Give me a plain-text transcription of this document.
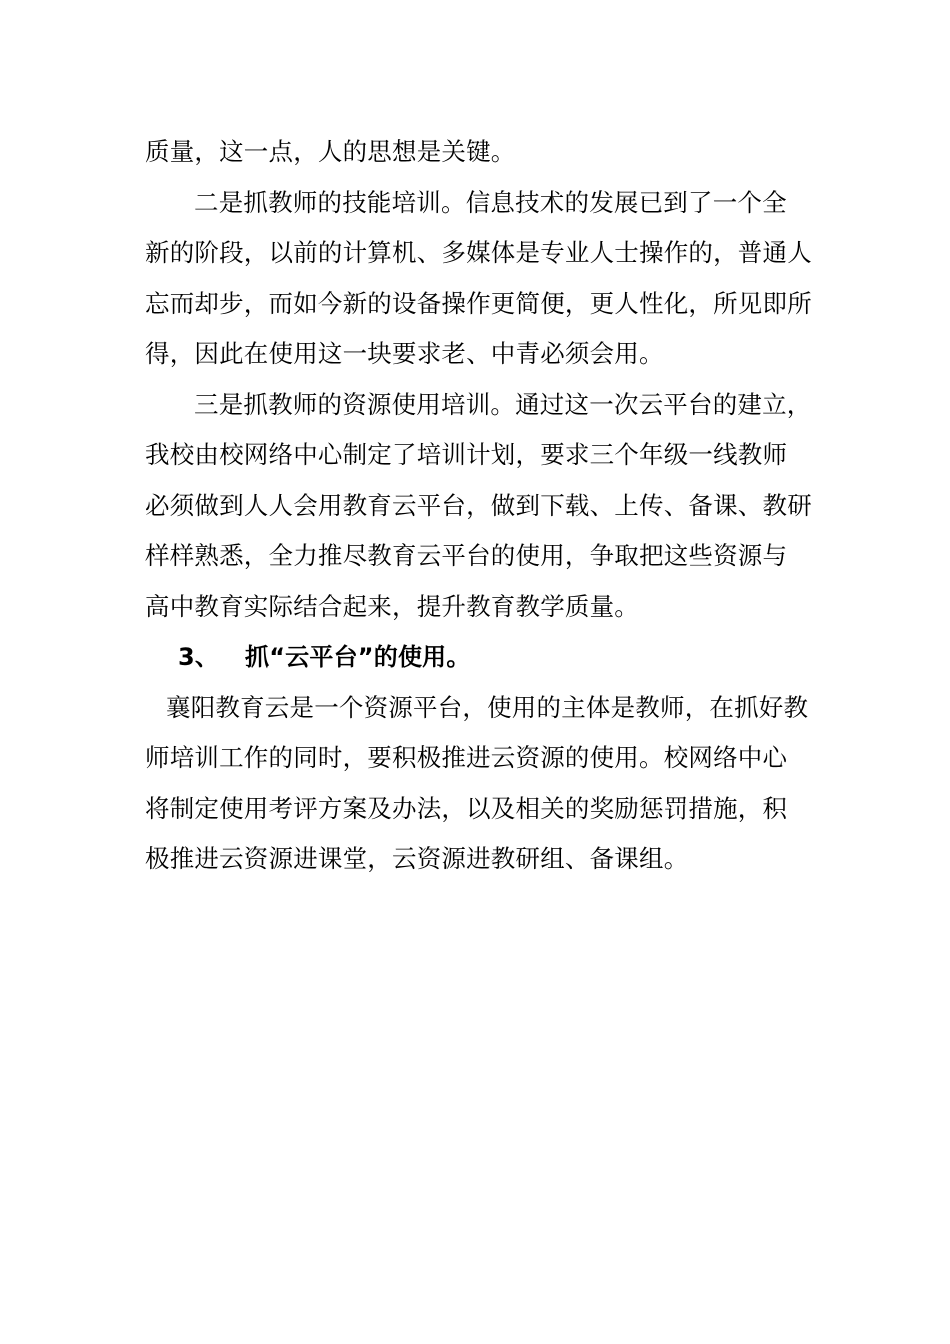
质量，这一点，人的思想是关键。
二是抓教师的技能培训。信息技术的发展已到了一个全
新的阶段，以前的计算机、多媒体是专业人士操作的，普通人
忘而却步，而如今新的设备操作更简便，更人性化，所见即所
得，因此在使用这一块要求老、中青必须会用。
三是抓教师的资源使用培训。通过这一次云平台的建立，
我校由校网络中心制定了培训计划，要求三个年级一线教师
必须做到人人会用教育云平台，做到下载、上传、备课、教研
样样熟悉，全力推尽教育云平台的使用，争取把这些资源与
高中教育实际结合起来，提升教育教学质量。
3、 抓“云平台”的使用。
襄阳教育云是一个资源平台，使用的主体是教师，在抓好教
师培训工作的同时，要积极推进云资源的使用。校网络中心
将制定使用考评方案及办法，以及相关的奖励惩罚措施，积
极推进云资源进课堂，云资源进教研组、备课组。
